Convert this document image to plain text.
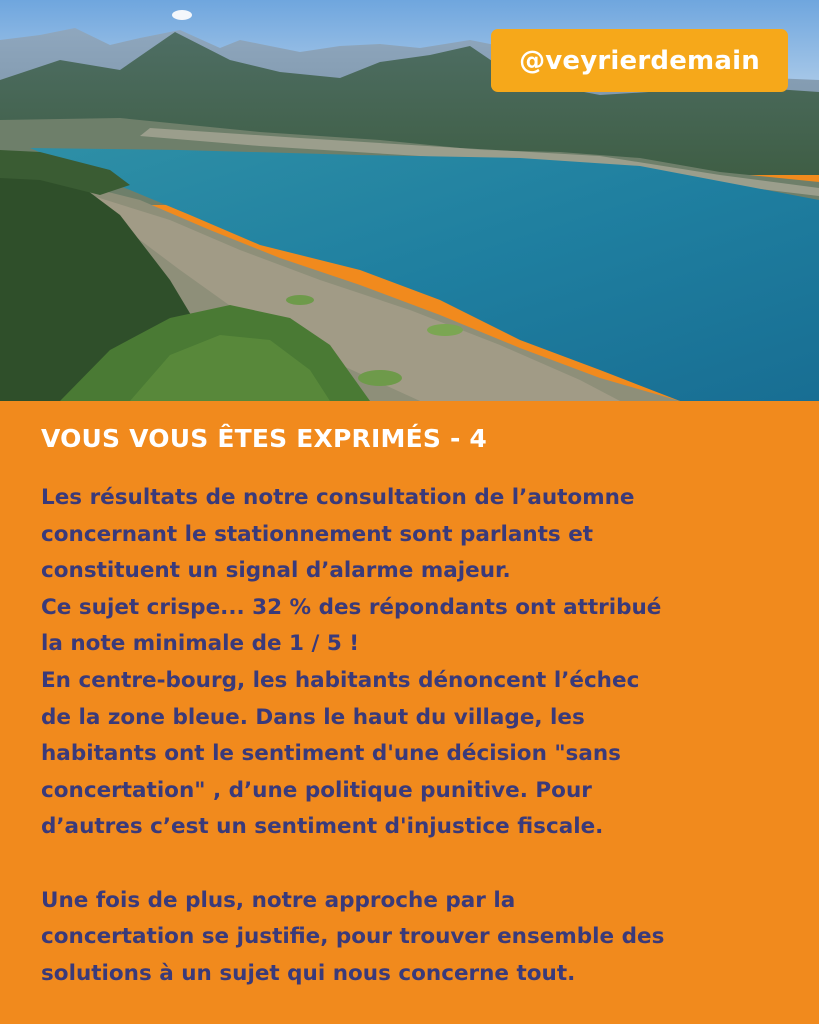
@veyrierdemain
VOUS VOUS ÊTES EXPRIMÉS - 4
Les résultats de notre consultation de l’automne
concernant le stationnement sont parlants et
constituent un signal d’alarme majeur.
Ce sujet crispe... 32 % des répondants ont attribué
la note minimale de 1 / 5 !
En centre-bourg, les habitants dénoncent l’échec
de la zone bleue. Dans le haut du village, les
habitants ont le sentiment d'une décision "sans
concertation" , d’une politique punitive. Pour
d’autres c’est un sentiment d'injustice fiscale.
Une fois de plus, notre approche par la
concertation se justifie, pour trouver ensemble des
solutions à un sujet qui nous concerne tout.
